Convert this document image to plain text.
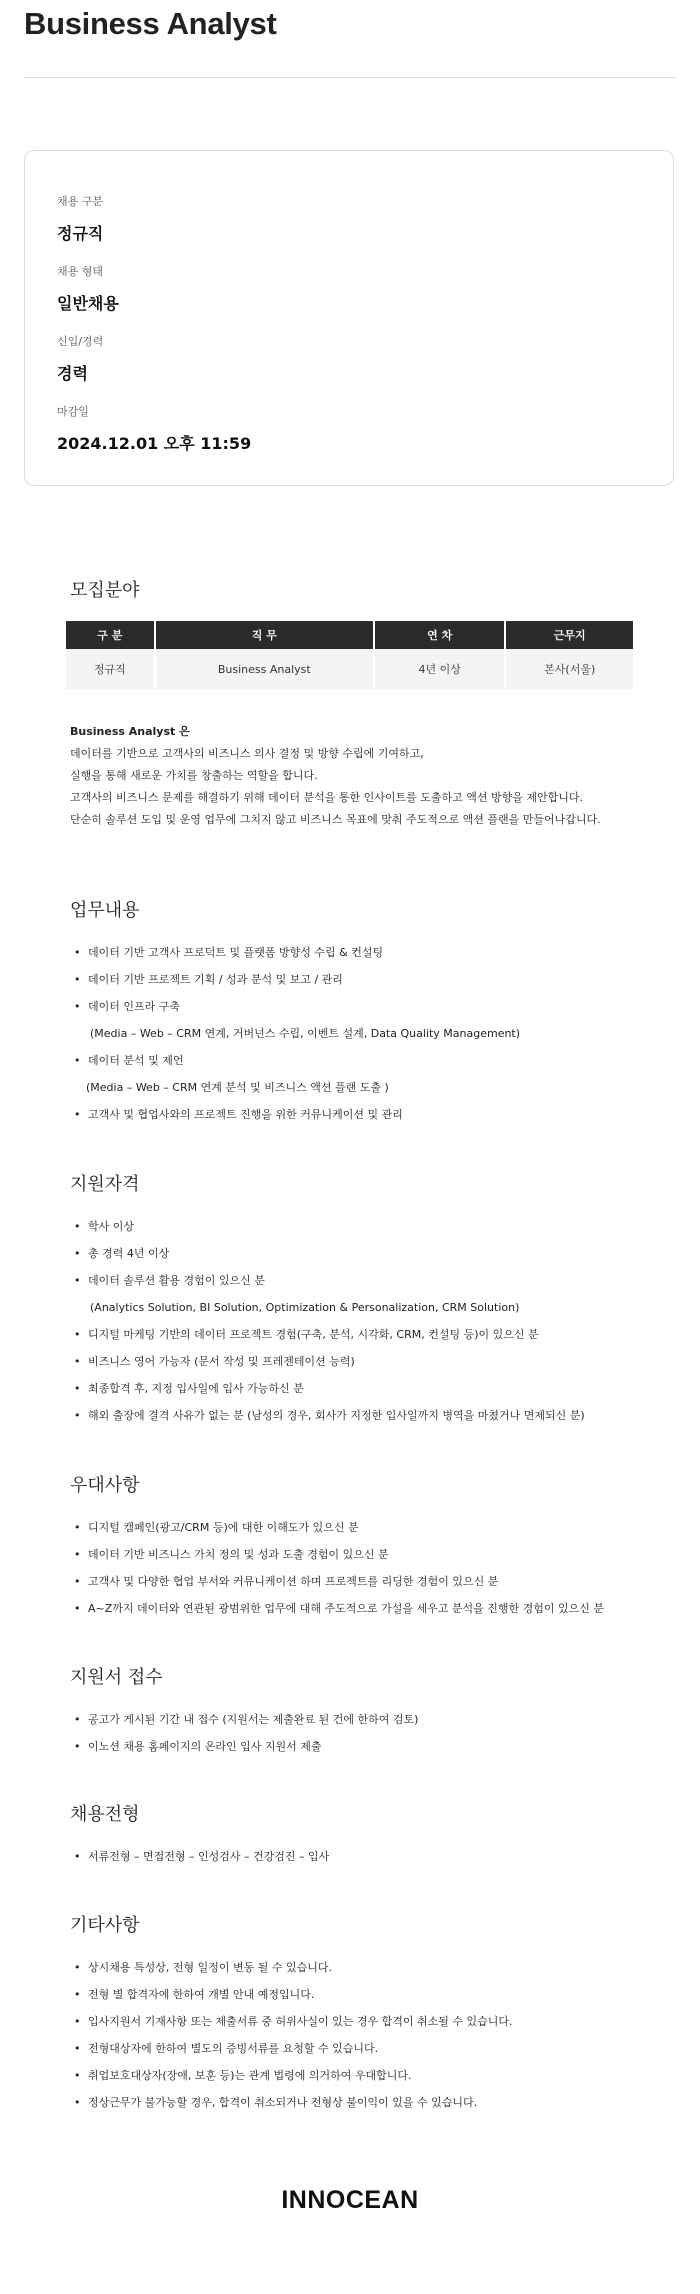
Business Analyst
채용 구분
정규직
채용 형태
일반채용
신입/경력
경력
마감일
2024.12.01 오후 11:59
모집분야
구 분	직 무	연 차	근무지
정규직	Business Analyst	4년 이상	본사(서울)

Business Analyst 은

데이터를 기반으로 고객사의 비즈니스 의사 결정 및 방향 수립에 기여하고,

실행을 통해 새로운 가치를 창출하는 역할을 합니다.

고객사의 비즈니스 문제를 해결하기 위해 데이터 분석을 통한 인사이트를 도출하고 액션 방향을 제안합니다.

단순히 솔루션 도입 및 운영 업무에 그치지 않고 비즈니스 목표에 맞춰 주도적으로 액션 플랜을 만들어나갑니다.

업무내용
• 데이터 기반 고객사 프로덕트 및 플랫폼 방향성 수립 & 컨설팅
• 데이터 기반 프로젝트 기획 / 성과 분석 및 보고 / 관리
• 데이터 인프라 구축
(Media – Web – CRM 연계, 거버넌스 수립, 이벤트 설계, Data Quality Management)
• 데이터 분석 및 제언
(Media – Web – CRM 연계 분석 및 비즈니스 액션 플랜 도출 )
• 고객사 및 협업사와의 프로젝트 진행을 위한 커뮤니케이션 및 관리
지원자격
• 학사 이상
• 총 경력 4년 이상
• 데이터 솔루션 활용 경험이 있으신 분
(Analytics Solution, BI Solution, Optimization & Personalization, CRM Solution)
• 디지털 마케팅 기반의 데이터 프로젝트 경험(구축, 분석, 시각화, CRM, 컨설팅 등)이 있으신 분
• 비즈니스 영어 가능자 (문서 작성 및 프레젠테이션 능력)
• 최종합격 후, 지정 입사일에 입사 가능하신 분
• 해외 출장에 결격 사유가 없는 분 (남성의 경우, 회사가 지정한 입사일까지 병역을 마쳤거나 면제되신 분)
우대사항
• 디지털 캠페인(광고/CRM 등)에 대한 이해도가 있으신 분
• 데이터 기반 비즈니스 가치 정의 및 성과 도출 경험이 있으신 분
• 고객사 및 다양한 협업 부서와 커뮤니케이션 하며 프로젝트를 리딩한 경험이 있으신 분
• A~Z까지 데이터와 연관된 광범위한 업무에 대해 주도적으로 가설을 세우고 분석을 진행한 경험이 있으신 분
지원서 접수
• 공고가 게시된 기간 내 접수 (지원서는 제출완료 된 건에 한하여 검토)
• 이노션 채용 홈페이지의 온라인 입사 지원서 제출
채용전형
• 서류전형 – 면접전형 – 인성검사 – 건강검진 – 입사
기타사항
• 상시채용 특성상, 전형 일정이 변동 될 수 있습니다.
• 전형 별 합격자에 한하여 개별 안내 예정입니다.
• 입사지원서 기재사항 또는 제출서류 중 허위사실이 있는 경우 합격이 취소될 수 있습니다.
• 전형대상자에 한하여 별도의 증빙서류를 요청할 수 있습니다.
• 취업보호대상자(장애, 보훈 등)는 관계 법령에 의거하여 우대합니다.
• 정상근무가 불가능할 경우, 합격이 취소되거나 전형상 불이익이 있을 수 있습니다.
INNOCEAN
